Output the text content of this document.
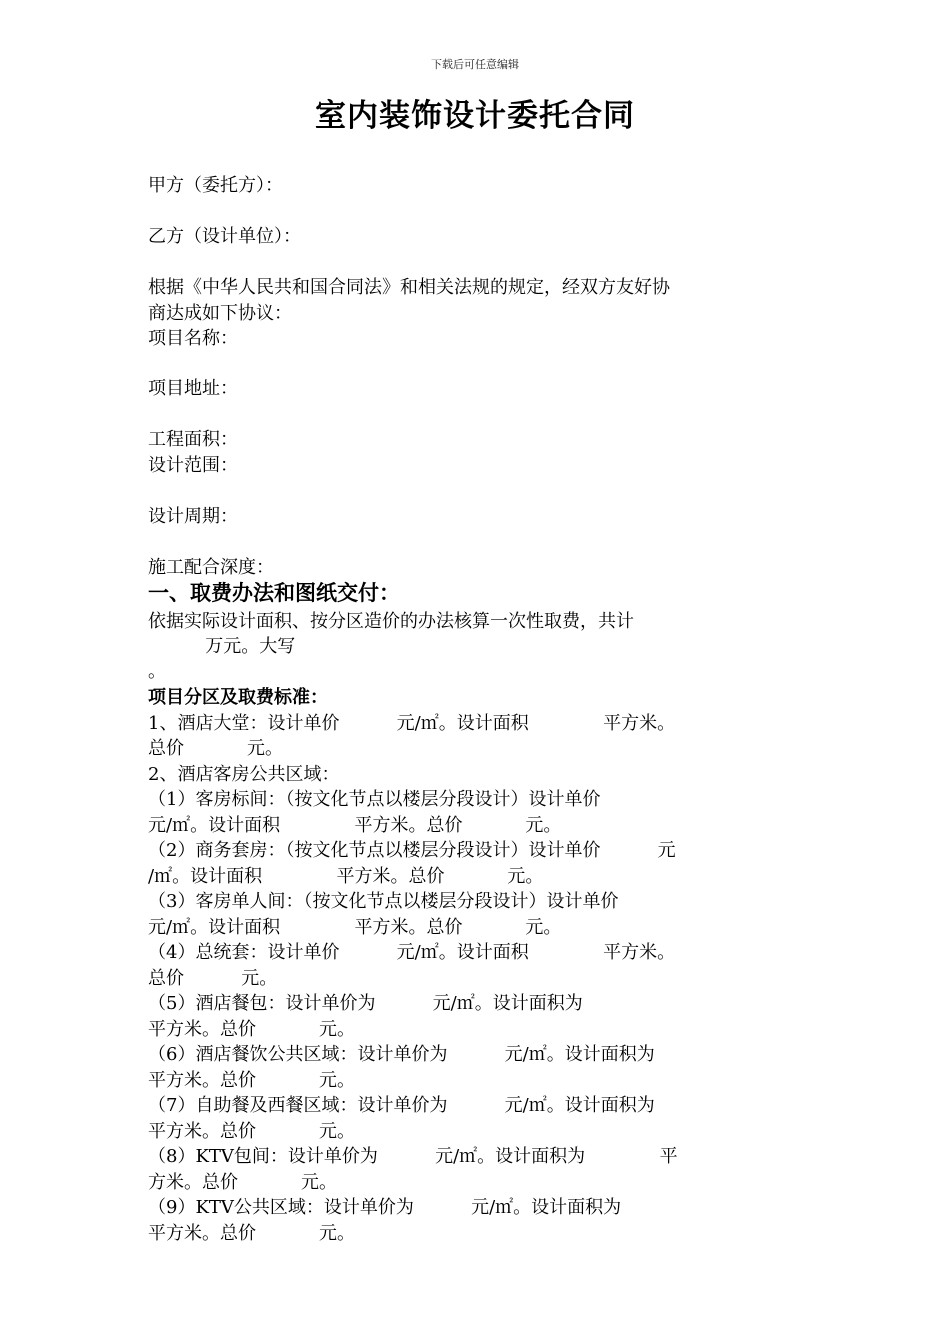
下载后可任意编辑
室内装饰设计委托合同
甲方（委托方）：
乙方（设计单位）：
根据《中华人民共和国合同法》和相关法规的规定，经双方友好协
商达成如下协议：
项目名称：
项目地址：
工程面积：
设计范围：
设计周期：
施工配合深度：
一、取费办法和图纸交付：
依据实际设计面积、按分区造价的办法核算一次性取费，共计
万元。大写
。
项目分区及取费标准：
1、酒店大堂：设计单价          元/㎡。设计面积             平方米。
总价           元。
2、酒店客房公共区域：
（1）客房标间：（按文化节点以楼层分段设计）设计单价
元/㎡。设计面积             平方米。总价           元。
（2）商务套房：（按文化节点以楼层分段设计）设计单价          元
/㎡。设计面积             平方米。总价           元。
（3）客房单人间：（按文化节点以楼层分段设计）设计单价
元/㎡。设计面积             平方米。总价           元。
（4）总统套：设计单价          元/㎡。设计面积             平方米。
总价          元。
（5）酒店餐包：设计单价为          元/㎡。设计面积为
平方米。总价           元。
（6）酒店餐饮公共区域：设计单价为          元/㎡。设计面积为
平方米。总价           元。
（7）自助餐及西餐区域：设计单价为          元/㎡。设计面积为
平方米。总价           元。
（8）KTV包间：设计单价为          元/㎡。设计面积为             平
方米。总价           元。
（9）KTV公共区域：设计单价为          元/㎡。设计面积为
平方米。总价           元。
